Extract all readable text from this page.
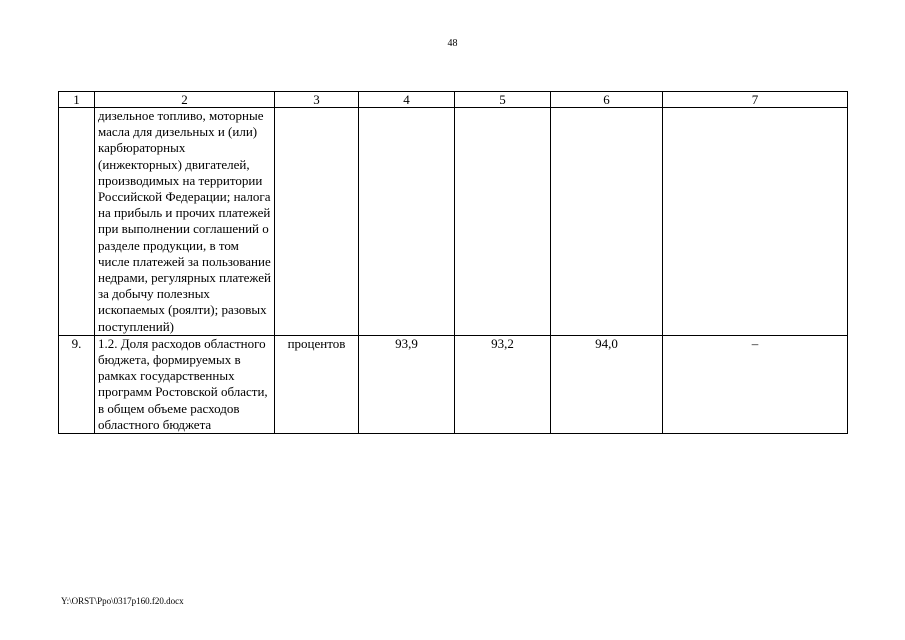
48
1	2	3	4	5	6	7
	дизельное топливо, моторные масла для дизельных и (или) карбюраторных (инжекторных) двигателей, производимых на территории Российской Федерации; налога на прибыль и прочих платежей при выполнении соглашений о разделе продукции, в том числе платежей за пользование недрами, регулярных платежей за добычу полезных ископаемых (роялти); разовых поступлений)					
9.	1.2. Доля расходов областного бюджета, формируемых в рамках государственных программ Ростовской области, в общем объеме расходов областного бюджета	процентов	93,9	93,2	94,0	–
Y:\ORST\Ppo\0317p160.f20.docx
